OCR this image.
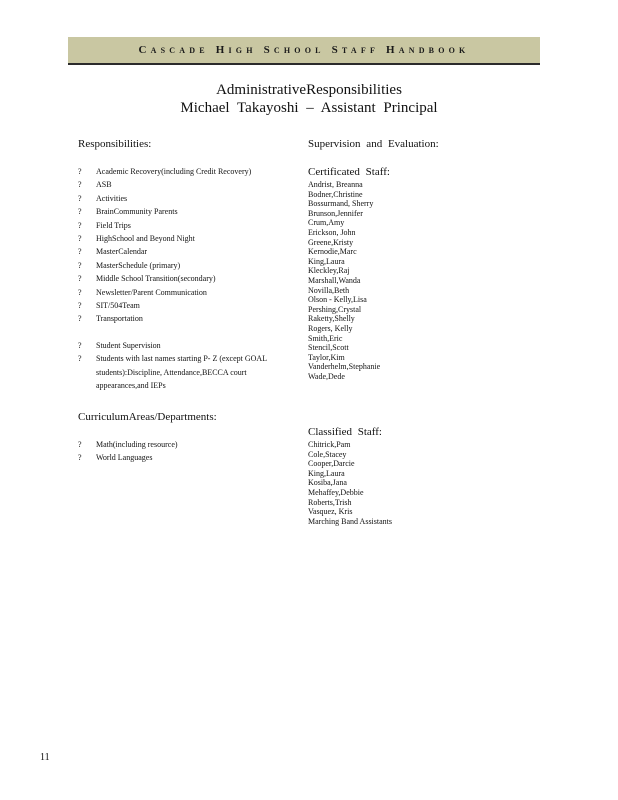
Cascade High School Staff Handbook
AdministrativeResponsibilities
Michael Takayoshi – Assistant Principal
Responsibilities:
? Academic Recovery(including Credit Recovery)
? ASB
? Activities
? BrainCommunity Parents
? Field Trips
? HighSchool and Beyond Night
? MasterCalendar
? MasterSchedule (primary)
? Middle School Transition(secondary)
? Newsletter/Parent Communication
? SIT/504Team
? Transportation
? Student Supervision
? Students with last names starting P- Z (except GOAL students):Discipline, Attendance,BECCA court appearances,and IEPs
CurriculumAreas/Departments:
? Math(including resource)
? World Languages
Supervision and Evaluation:
Certificated Staff:
Andrist, Breanna
Bodner,Christine
Bossurmand, Sherry
Brunson,Jennifer
Crum,Amy
Erickson, John
Greene,Kristy
Kernodie,Marc
King,Laura
Kleckley,Raj
Marshall,Wanda
Novilla,Beth
Olson - Kelly,Lisa
Pershing,Crystal
Raketty,Shelly
Rogers, Kelly
Smith,Eric
Stencil,Scott
Taylor,Kim
Vanderhelm,Stephanie
Wade,Dede
Classified Staff:
Chitrick,Pam
Cole,Stacey
Cooper,Darcie
King,Laura
Kosiba,Jana
Mehaffey,Debbie
Roberts,Trish
Vasquez, Kris
Marching Band Assistants
11
